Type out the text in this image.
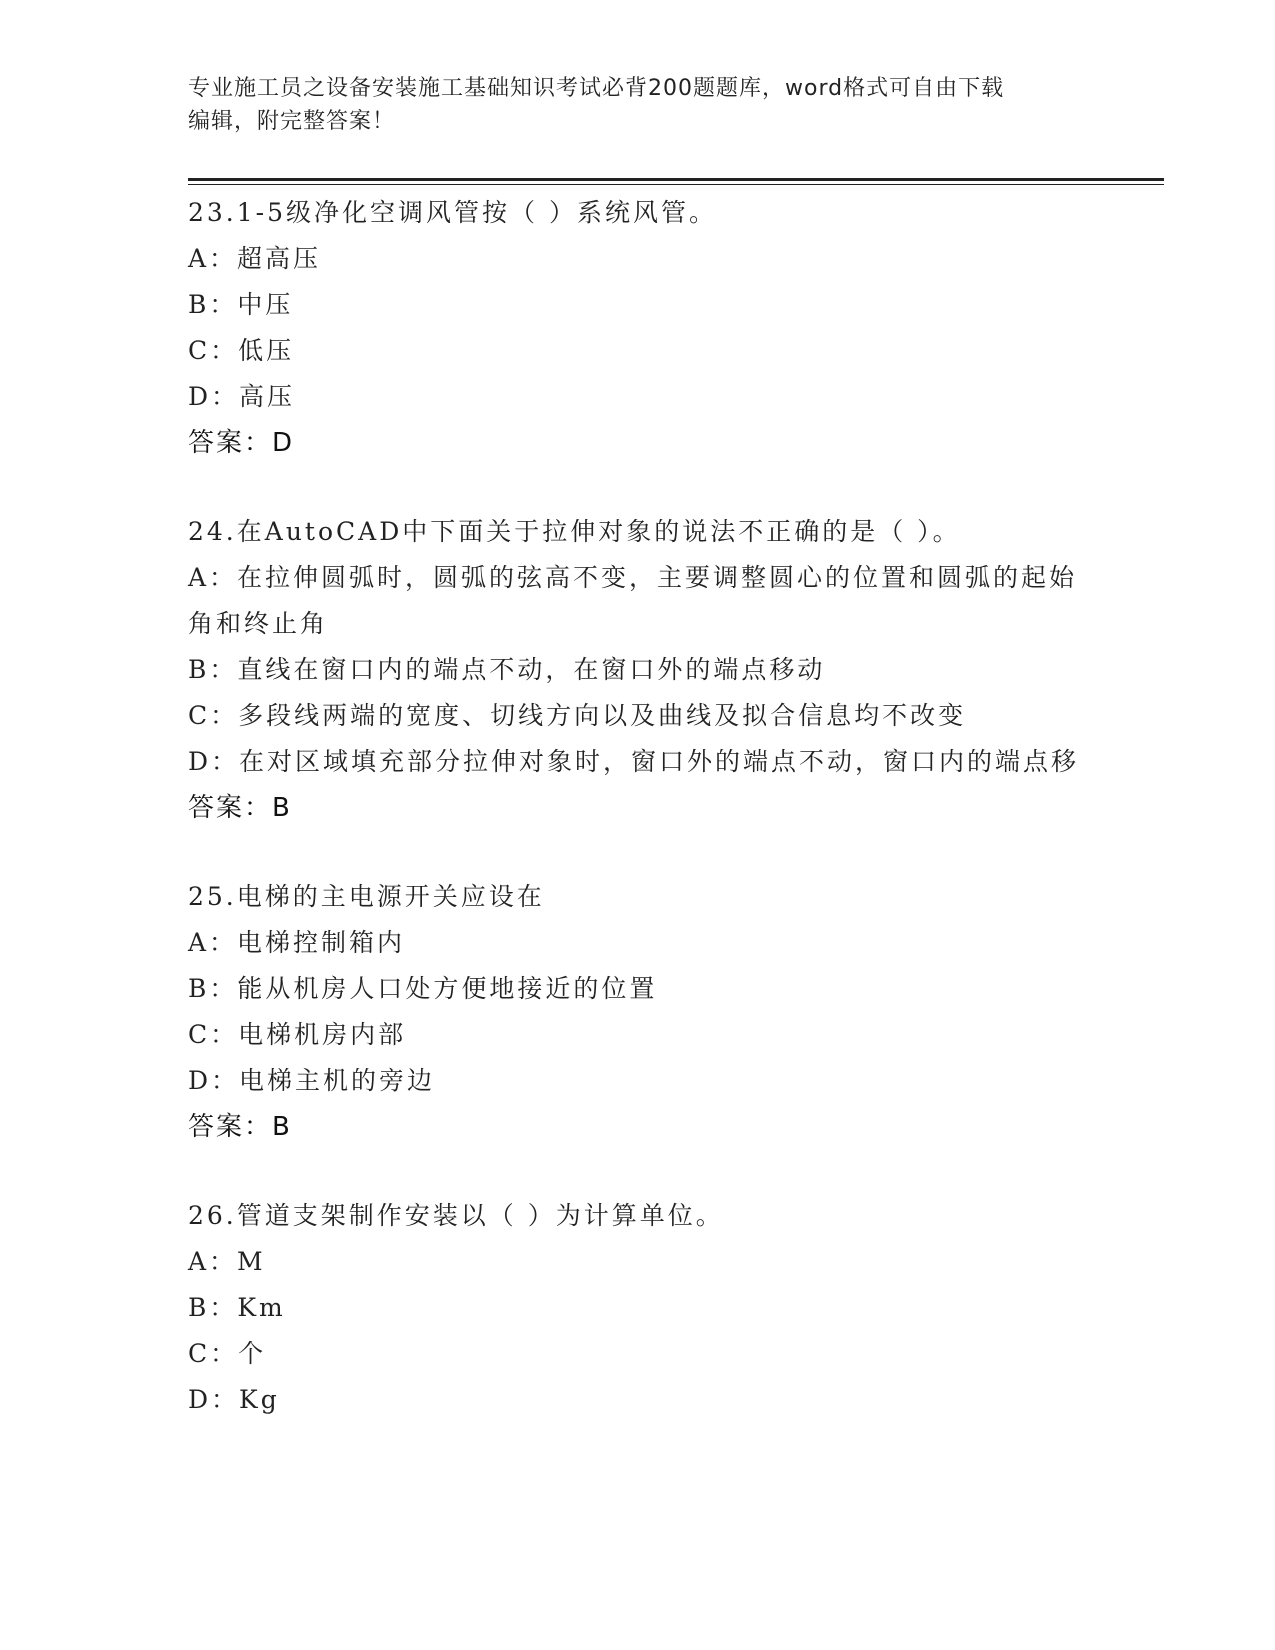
专业施工员之设备安装施工基础知识考试必背200题题库，word格式可自由下载
编辑，附完整答案！

23.1-5级净化空调风管按（ ）系统风管。

A：超高压

B：中压

C：低压

D：高压

答案：D

24.在AutoCAD中下面关于拉伸对象的说法不正确的是（ ）。

A：在拉伸圆弧时，圆弧的弦高不变，主要调整圆心的位置和圆弧的起始角和终止角

B：直线在窗口内的端点不动，在窗口外的端点移动

C：多段线两端的宽度、切线方向以及曲线及拟合信息均不改变

D：在对区域填充部分拉伸对象时，窗口外的端点不动，窗口内的端点移

答案：B

25.电梯的主电源开关应设在

A：电梯控制箱内

B：能从机房人口处方便地接近的位置

C：电梯机房内部

D：电梯主机的旁边

答案：B

26.管道支架制作安装以（ ）为计算单位。

A：M

B：Km

C：个

D：Kg
